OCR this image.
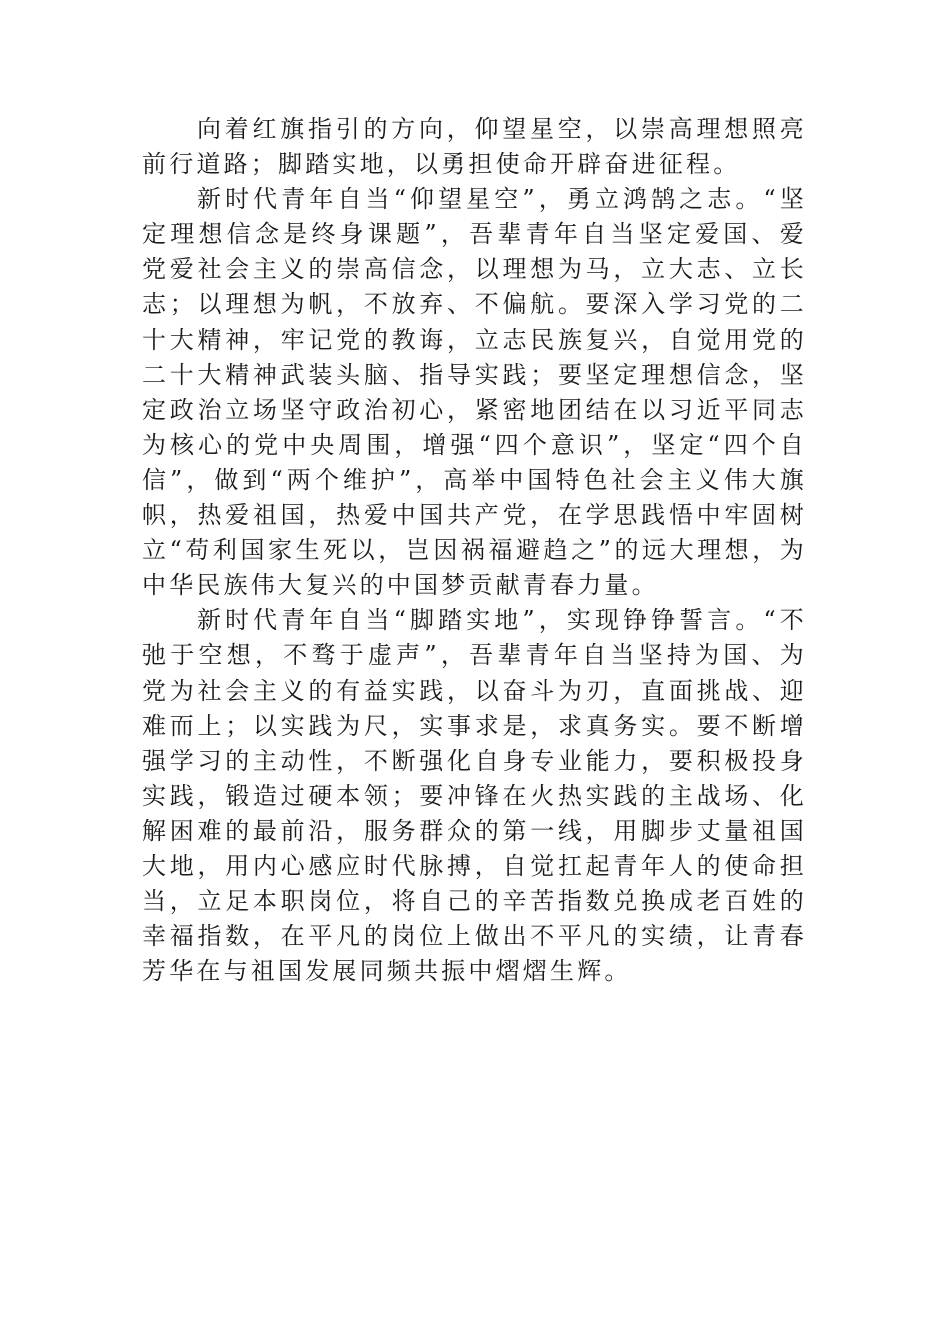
向着红旗指引的方向，仰望星空，以崇高理想照亮前行道路；脚踏实地，以勇担使命开辟奋进征程。

新时代青年自当“仰望星空”，勇立鸿鹄之志。“坚定理想信念是终身课题”，吾辈青年自当坚定爱国、爱党爱社会主义的崇高信念，以理想为马，立大志、立长志；以理想为帆，不放弃、不偏航。要深入学习党的二十大精神，牢记党的教诲，立志民族复兴，自觉用党的二十大精神武装头脑、指导实践；要坚定理想信念，坚定政治立场坚守政治初心，紧密地团结在以习近平同志为核心的党中央周围，增强“四个意识”，坚定“四个自信”，做到“两个维护”，高举中国特色社会主义伟大旗帜，热爱祖国，热爱中国共产党，在学思践悟中牢固树立“苟利国家生死以，岂因祸福避趋之”的远大理想，为中华民族伟大复兴的中国梦贡献青春力量。

新时代青年自当“脚踏实地”，实现铮铮誓言。“不弛于空想，不骛于虚声”，吾辈青年自当坚持为国、为党为社会主义的有益实践，以奋斗为刃，直面挑战、迎难而上；以实践为尺，实事求是，求真务实。要不断增强学习的主动性，不断强化自身专业能力，要积极投身实践，锻造过硬本领；要冲锋在火热实践的主战场、化解困难的最前沿，服务群众的第一线，用脚步丈量祖国大地，用内心感应时代脉搏，自觉扛起青年人的使命担当，立足本职岗位，将自己的辛苦指数兑换成老百姓的幸福指数，在平凡的岗位上做出不平凡的实绩，让青春芳华在与祖国发展同频共振中熠熠生辉。
